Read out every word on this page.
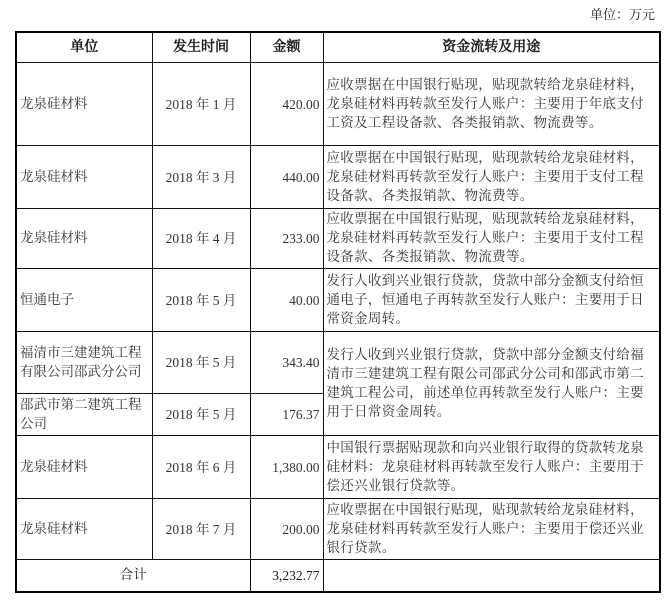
单位：万元
单位	发生时间	金额	资金流转及用途
龙泉硅材料	2018 年 1 月	420.00	应收票据在中国银行贴现，贴现款转给龙泉硅材料，龙泉硅材料再转款至发行人账户：主要用于年底支付工资及工程设备款、各类报销款、物流费等。
龙泉硅材料	2018 年 3 月	440.00	应收票据在中国银行贴现，贴现款转给龙泉硅材料，龙泉硅材料再转款至发行人账户：主要用于支付工程设备款、各类报销款、物流费等。
龙泉硅材料	2018 年 4 月	233.00	应收票据在中国银行贴现，贴现款转给龙泉硅材料，龙泉硅材料再转款至发行人账户：主要用于支付工程设备款、各类报销款、物流费等。
恒通电子	2018 年 5 月	40.00	发行人收到兴业银行贷款，贷款中部分金额支付给恒通电子，恒通电子再转款至发行人账户：主要用于日常资金周转。
福清市三建建筑工程有限公司邵武分公司	2018 年 5 月	343.40	发行人收到兴业银行贷款，贷款中部分金额支付给福清市三建建筑工程有限公司邵武分公司和邵武市第二建筑工程公司，前述单位再转款至发行人账户：主要用于日常资金周转。
邵武市第二建筑工程公司	2018 年 5 月	176.37	
龙泉硅材料	2018 年 6 月	1,380.00	中国银行票据贴现款和向兴业银行取得的贷款转龙泉硅材料：龙泉硅材料再转款至发行人账户：主要用于偿还兴业银行贷款等。
龙泉硅材料	2018 年 7 月	200.00	应收票据在中国银行贴现，贴现款转给龙泉硅材料，龙泉硅材料再转款至发行人账户：主要用于偿还兴业银行贷款。
合计		3,232.77	
